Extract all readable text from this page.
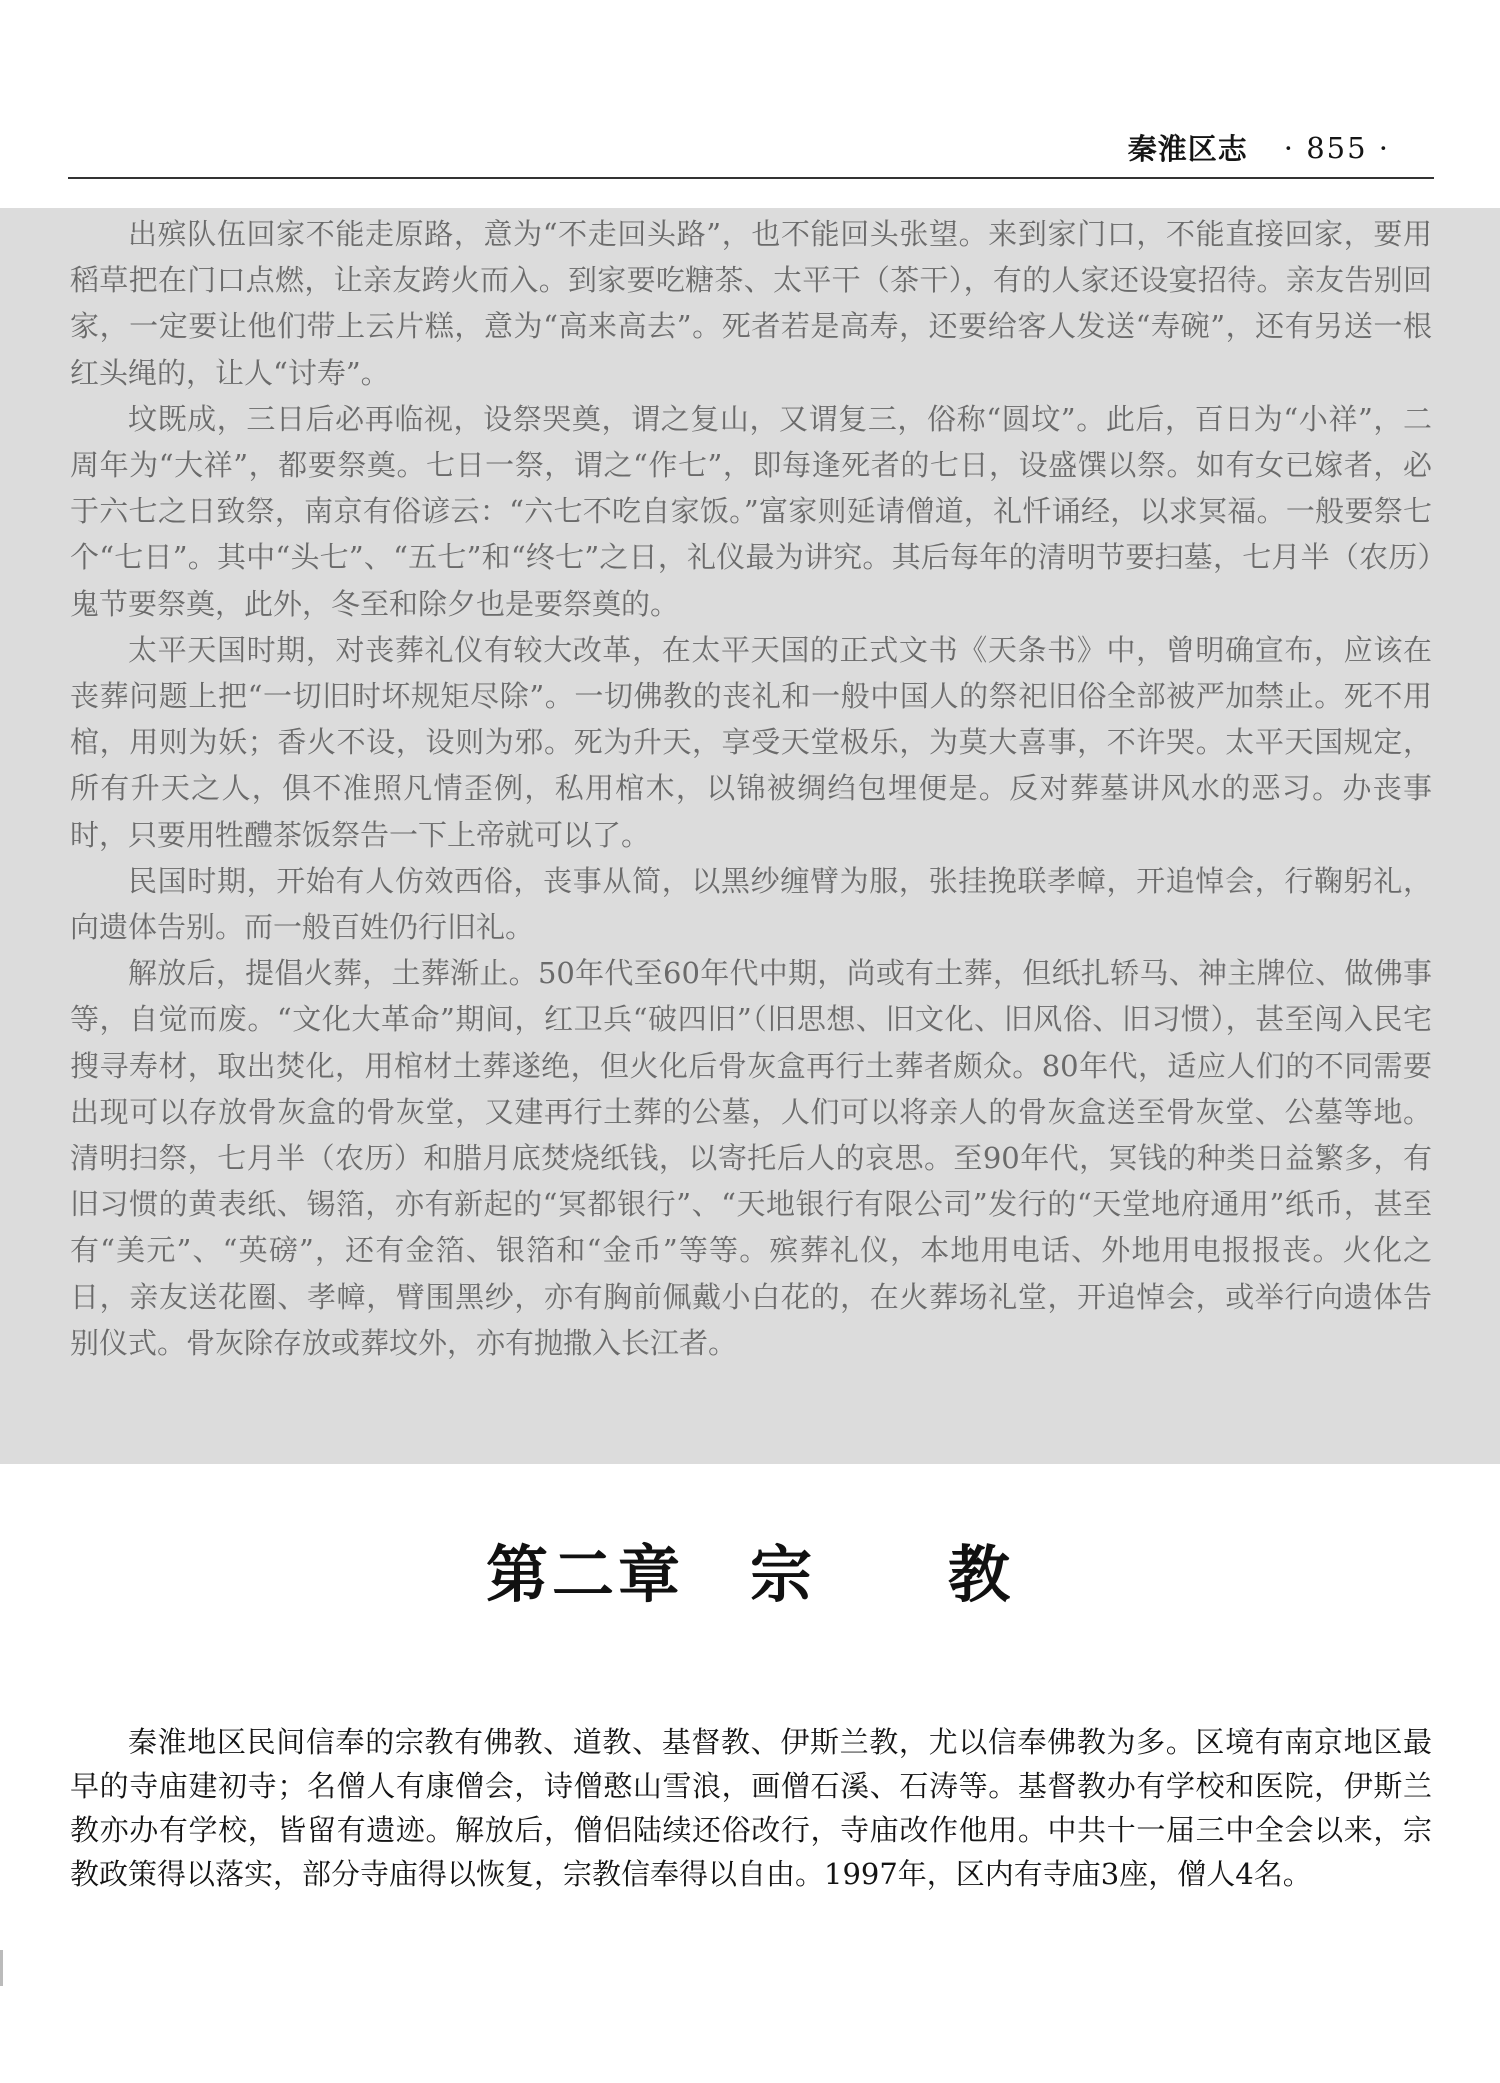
秦淮区志 · 855 ·

出殡队伍回家不能走原路，意为“不走回头路”，也不能回头张望。来到家门口，不能直接回家，要用稻草把在门口点燃，让亲友跨火而入。到家要吃糖茶、太平干（茶干），有的人家还设宴招待。亲友告别回家，一定要让他们带上云片糕，意为“高来高去”。死者若是高寿，还要给客人发送“寿碗”，还有另送一根红头绳的，让人“讨寿”。

坟既成，三日后必再临视，设祭哭奠，谓之复山，又谓复三，俗称“圆坟”。此后，百日为“小祥”，二周年为“大祥”，都要祭奠。七日一祭，谓之“作七”，即每逢死者的七日，设盛馔以祭。如有女已嫁者，必于六七之日致祭，南京有俗谚云：“六七不吃自家饭。”富家则延请僧道，礼忏诵经，以求冥福。一般要祭七个“七日”。其中“头七”、“五七”和“终七”之日，礼仪最为讲究。其后每年的清明节要扫墓，七月半（农历）鬼节要祭奠，此外，冬至和除夕也是要祭奠的。

太平天国时期，对丧葬礼仪有较大改革，在太平天国的正式文书《天条书》中，曾明确宣布，应该在丧葬问题上把“一切旧时坏规矩尽除”。一切佛教的丧礼和一般中国人的祭祀旧俗全部被严加禁止。死不用棺，用则为妖；香火不设，设则为邪。死为升天，享受天堂极乐，为莫大喜事，不许哭。太平天国规定，所有升天之人，俱不准照凡情歪例，私用棺木，以锦被绸绉包埋便是。反对葬墓讲风水的恶习。办丧事时，只要用牲醴茶饭祭告一下上帝就可以了。

民国时期，开始有人仿效西俗，丧事从简，以黑纱缠臂为服，张挂挽联孝幛，开追悼会，行鞠躬礼，向遗体告别。而一般百姓仍行旧礼。

解放后，提倡火葬，土葬渐止。50年代至60年代中期，尚或有土葬，但纸扎轿马、神主牌位、做佛事等，自觉而废。“文化大革命”期间，红卫兵“破四旧”（旧思想、旧文化、旧风俗、旧习惯），甚至闯入民宅搜寻寿材，取出焚化，用棺材土葬遂绝，但火化后骨灰盒再行土葬者颇众。80年代，适应人们的不同需要出现可以存放骨灰盒的骨灰堂，又建再行土葬的公墓，人们可以将亲人的骨灰盒送至骨灰堂、公墓等地。清明扫祭，七月半（农历）和腊月底焚烧纸钱，以寄托后人的哀思。至90年代，冥钱的种类日益繁多，有旧习惯的黄表纸、锡箔，亦有新起的“冥都银行”、“天地银行有限公司”发行的“天堂地府通用”纸币，甚至有“美元”、“英磅”，还有金箔、银箔和“金币”等等。殡葬礼仪，本地用电话、外地用电报报丧。火化之日，亲友送花圈、孝幛，臂围黑纱，亦有胸前佩戴小白花的，在火葬场礼堂，开追悼会，或举行向遗体告别仪式。骨灰除存放或葬坟外，亦有抛撒入长江者。

第二章　宗　　教

秦淮地区民间信奉的宗教有佛教、道教、基督教、伊斯兰教，尤以信奉佛教为多。区境有南京地区最早的寺庙建初寺；名僧人有康僧会，诗僧憨山雪浪，画僧石溪、石涛等。基督教办有学校和医院，伊斯兰教亦办有学校，皆留有遗迹。解放后，僧侣陆续还俗改行，寺庙改作他用。中共十一届三中全会以来，宗教政策得以落实，部分寺庙得以恢复，宗教信奉得以自由。1997年，区内有寺庙3座，僧人4名。
